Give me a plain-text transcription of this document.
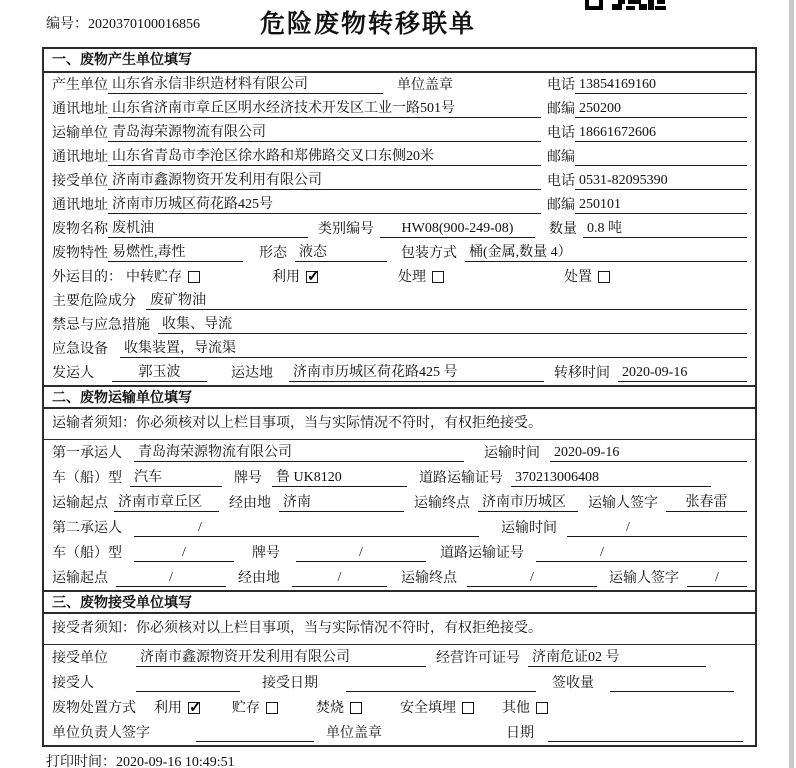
编号：2020370100016856	危险废物转移联单
一、废物产生单位填写
产生单位 山东省永信非织造材料有限公司	单位盖章	电话 13854169160
通讯地址 山东省济南市章丘区明水经济技术开发区工业一路501号	邮编 250200
运输单位 青岛海荣源物流有限公司	电话 18661672606
通讯地址 山东省青岛市李沧区徐水路和郑佛路交叉口东侧20米	邮编
接受单位 济南市鑫源物资开发利用有限公司	电话 0531-82095390
通讯地址 济南市历城区荷花路425号	邮编 250101
废物名称 废机油	类别编号	HW08(900-249-08)	数量 0.8 吨
废物特性 易燃性,毒性	形态 液态	包装方式 桶(金属,数量 4）
外运目的： 中转贮存	利用 ✓	处理	处置
主要危险成分 废矿物油
禁忌与应急措施 收集、导流
应急设备 收集装置，导流渠
发运人	郭玉波	运达地 济南市历城区荷花路425 号	转移时间 2020-09-16
二、废物运输单位填写
运输者须知：你必须核对以上栏目事项，当与实际情况不符时，有权拒绝接受。
第一承运人 青岛海荣源物流有限公司	运输时间 2020-09-16
车（船）型 汽车	牌号 鲁 UK8120	道路运输证号 370213006408
运输起点 济南市章丘区	经由地 济南	运输终点 济南市历城区	运输人签字	张春雷
第二承运人	/	运输时间	/
车（船）型	/	牌号	/	道路运输证号	/
运输起点	/	经由地	/	运输终点	/	运输人签字	/
三、废物接受单位填写
接受者须知：你必须核对以上栏目事项，当与实际情况不符时，有权拒绝接受。
接受单位 济南市鑫源物资开发利用有限公司	经营许可证号 济南危证02 号
接受人	接受日期	签收量
废物处置方式 利用 ✓	贮存	焚烧	安全填埋	其他
单位负责人签字	单位盖章	日期
打印时间：2020-09-16 10:49:51
